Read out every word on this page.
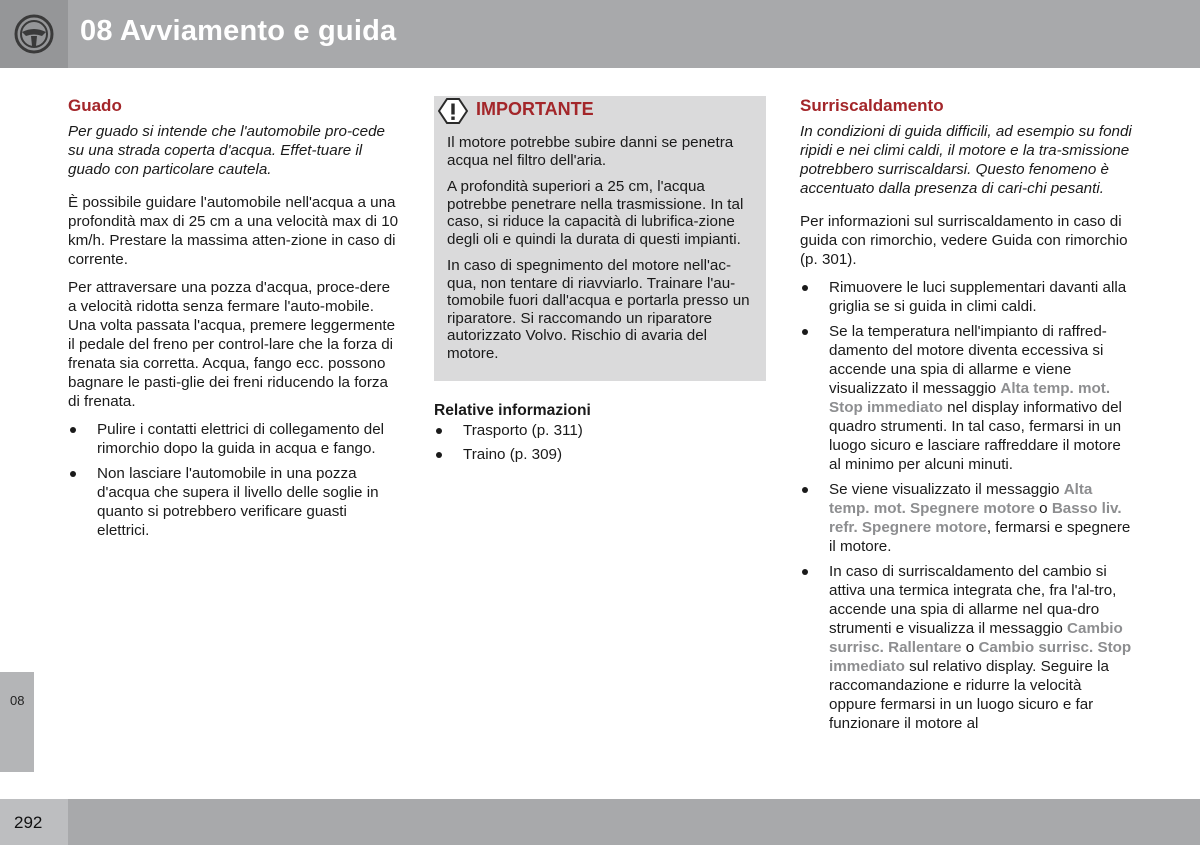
08 Avviamento e guida
Guado

Per guado si intende che l'automobile pro-cede su una strada coperta d'acqua. Effet-tuare il guado con particolare cautela.

È possibile guidare l'automobile nell'acqua a una profondità max di 25 cm a una velocità max di 10 km/h. Prestare la massima atten-zione in caso di corrente.

Per attraversare una pozza d'acqua, proce-dere a velocità ridotta senza fermare l'auto-mobile. Una volta passata l'acqua, premere leggermente il pedale del freno per control-lare che la forza di frenata sia corretta. Acqua, fango ecc. possono bagnare le pasti-glie dei freni riducendo la forza di frenata.

Pulire i contatti elettrici di collegamento del rimorchio dopo la guida in acqua e fango.
Non lasciare l'automobile in una pozza d'acqua che supera il livello delle soglie in quanto si potrebbero verificare guasti elettrici.
IMPORTANTE

Il motore potrebbe subire danni se penetra acqua nel filtro dell'aria.

A profondità superiori a 25 cm, l'acqua potrebbe penetrare nella trasmissione. In tal caso, si riduce la capacità di lubrifica-zione degli oli e quindi la durata di questi impianti.

In caso di spegnimento del motore nell'ac-qua, non tentare di riavviarlo. Trainare l'au-tomobile fuori dall'acqua e portarla presso un riparatore. Si raccomando un riparatore autorizzato Volvo. Rischio di avaria del motore.

Relative informazioni
Trasporto (p. 311)
Traino (p. 309)
Surriscaldamento

In condizioni di guida difficili, ad esempio su fondi ripidi e nei climi caldi, il motore e la tra-smissione potrebbero surriscaldarsi. Questo fenomeno è accentuato dalla presenza di cari-chi pesanti.

Per informazioni sul surriscaldamento in caso di guida con rimorchio, vedere Guida con rimorchio (p. 301).

Rimuovere le luci supplementari davanti alla griglia se si guida in climi caldi.
Se la temperatura nell'impianto di raffred-damento del motore diventa eccessiva si accende una spia di allarme e viene visualizzato il messaggio Alta temp. mot. Stop immediato nel display informativo del quadro strumenti. In tal caso, fermarsi in un luogo sicuro e lasciare raffreddare il motore al minimo per alcuni minuti.
Se viene visualizzato il messaggio Alta temp. mot. Spegnere motore o Basso liv. refr. Spegnere motore, fermarsi e spegnere il motore.
In caso di surriscaldamento del cambio si attiva una termica integrata che, fra l'al-tro, accende una spia di allarme nel qua-dro strumenti e visualizza il messaggio Cambio surrisc. Rallentare o Cambio surrisc. Stop immediato sul relativo display. Seguire la raccomandazione e ridurre la velocità oppure fermarsi in un luogo sicuro e far funzionare il motore al
08
292
